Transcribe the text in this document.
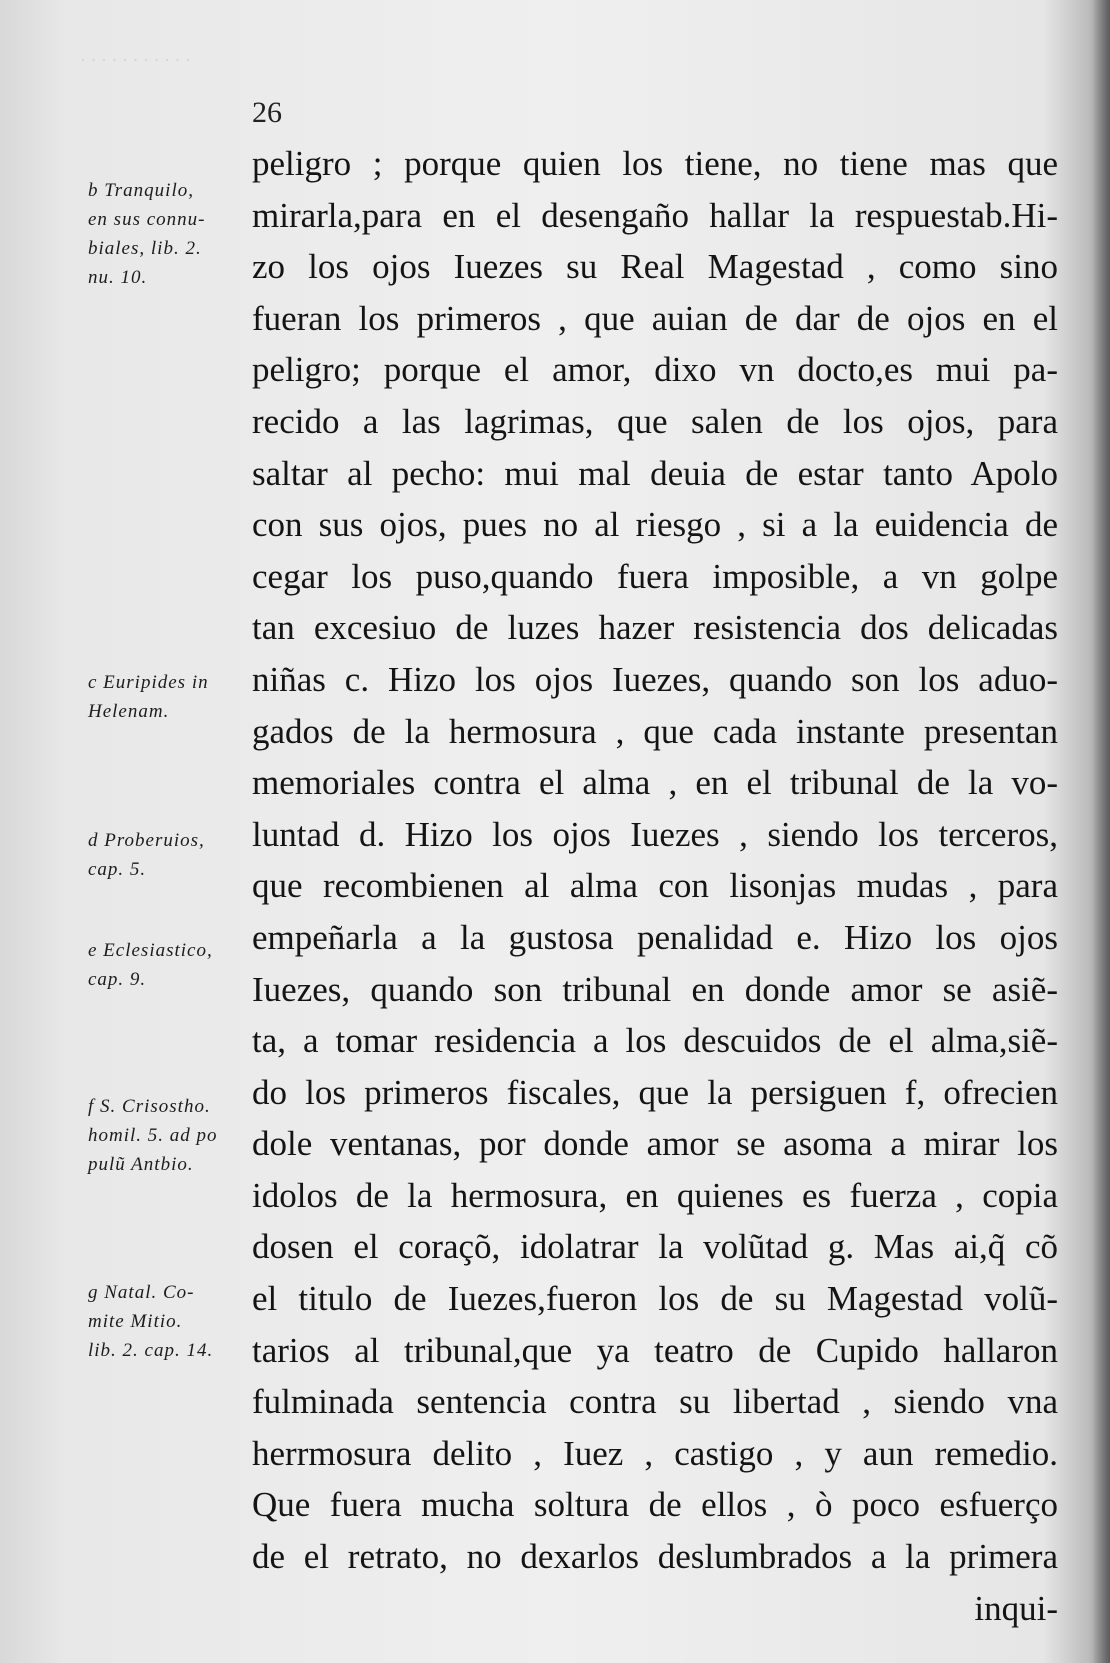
· · · · · · · · · · ·
26
b Tranquilo,
en sus connu-
biales, lib. 2.
nu. 10.
c Euripides in
Helenam.
d Proberuios,
cap. 5.
e Eclesiastico,
cap. 9.
f S. Crisostho.
homil. 5. ad po
pulũ Antbio.
g Natal. Co-
mite Mitio.
lib. 2. cap. 14.
peligro ; porque quien los tiene, no tiene mas que
mirarla,para en el desengaño hallar la respuestab.Hi-
zo los ojos Iuezes su Real Magestad , como sino
fueran los primeros , que auian de dar de ojos en el
peligro; porque el amor, dixo vn docto,es mui pa-
recido a las lagrimas, que salen de los ojos, para
saltar al pecho: mui mal deuia de estar tanto Apolo
con sus ojos, pues no al riesgo , si a la euidencia de
cegar los puso,quando fuera imposible, a vn golpe
tan excesiuo de luzes hazer resistencia dos delicadas
niñas c. Hizo los ojos Iuezes, quando son los aduo-
gados de la hermosura , que cada instante presentan
memoriales contra el alma , en el tribunal de la vo-
luntad d. Hizo los ojos Iuezes , siendo los terceros,
que recombienen al alma con lisonjas mudas , para
empeñarla a la gustosa penalidad e. Hizo los ojos
Iuezes, quando son tribunal en donde amor se asiẽ-
ta, a tomar residencia a los descuidos de el alma,siẽ-
do los primeros fiscales, que la persiguen f, ofrecien
dole ventanas, por donde amor se asoma a mirar los
idolos de la hermosura, en quienes es fuerza , copia
dosen el coraçõ, idolatrar la volũtad g. Mas ai,q̃ cõ
el titulo de Iuezes,fueron los de su Magestad volũ-
tarios al tribunal,que ya teatro de Cupido hallaron
fulminada sentencia contra su libertad , siendo vna
herrmosura delito , Iuez , castigo , y aun remedio.
Que fuera mucha soltura de ellos , ò poco esfuerço
de el retrato, no dexarlos deslumbrados a la primera
inqui-
